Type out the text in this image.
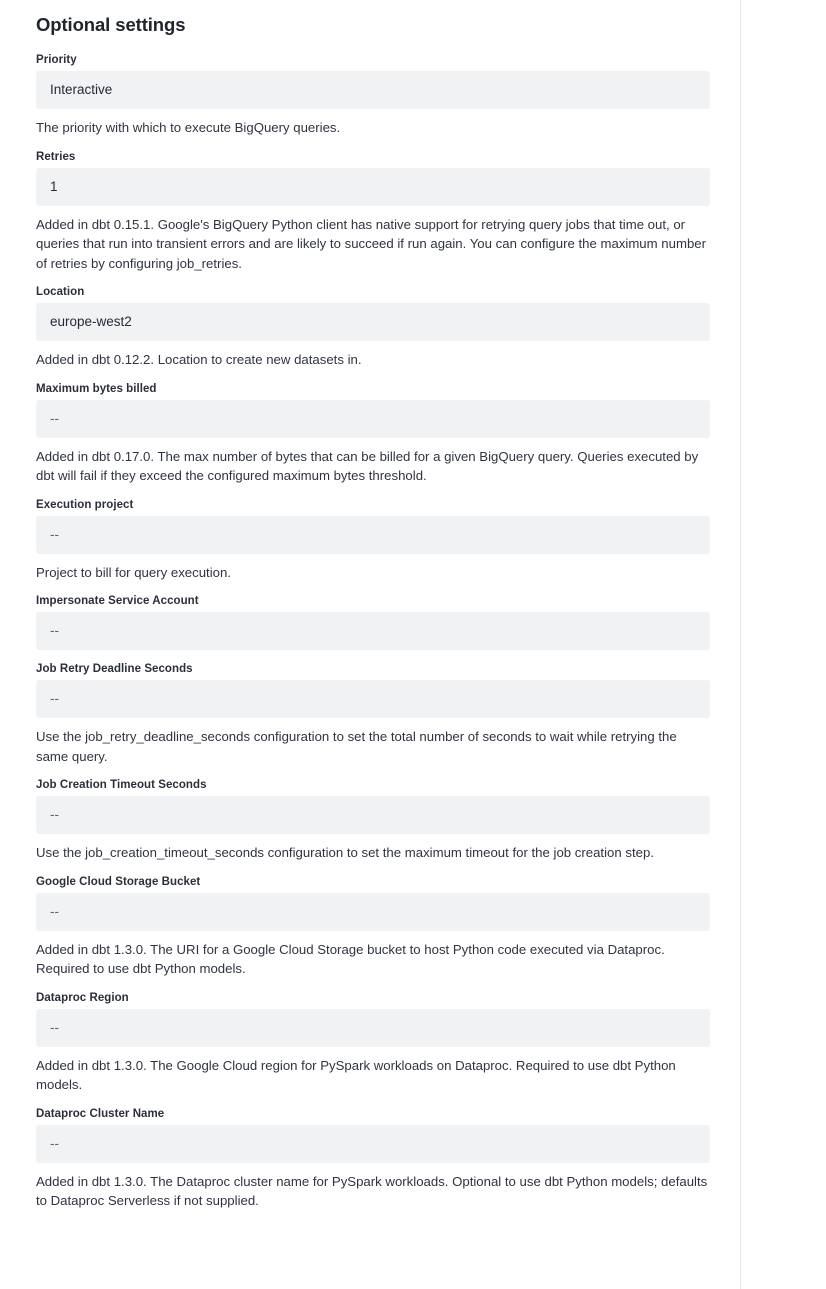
Optional settings
Priority
Interactive
The priority with which to execute BigQuery queries.
Retries
1
Added in dbt 0.15.1. Google's BigQuery Python client has native support for retrying query jobs that time out, or queries that run into transient errors and are likely to succeed if run again. You can configure the maximum number of retries by configuring job_retries.
Location
europe-west2
Added in dbt 0.12.2. Location to create new datasets in.
Maximum bytes billed
--
Added in dbt 0.17.0. The max number of bytes that can be billed for a given BigQuery query. Queries executed by dbt will fail if they exceed the configured maximum bytes threshold.
Execution project
--
Project to bill for query execution.
Impersonate Service Account
--
Job Retry Deadline Seconds
--
Use the job_retry_deadline_seconds configuration to set the total number of seconds to wait while retrying the same query.
Job Creation Timeout Seconds
--
Use the job_creation_timeout_seconds configuration to set the maximum timeout for the job creation step.
Google Cloud Storage Bucket
--
Added in dbt 1.3.0. The URI for a Google Cloud Storage bucket to host Python code executed via Dataproc. Required to use dbt Python models.
Dataproc Region
--
Added in dbt 1.3.0. The Google Cloud region for PySpark workloads on Dataproc. Required to use dbt Python models.
Dataproc Cluster Name
--
Added in dbt 1.3.0. The Dataproc cluster name for PySpark workloads. Optional to use dbt Python models; defaults to Dataproc Serverless if not supplied.
